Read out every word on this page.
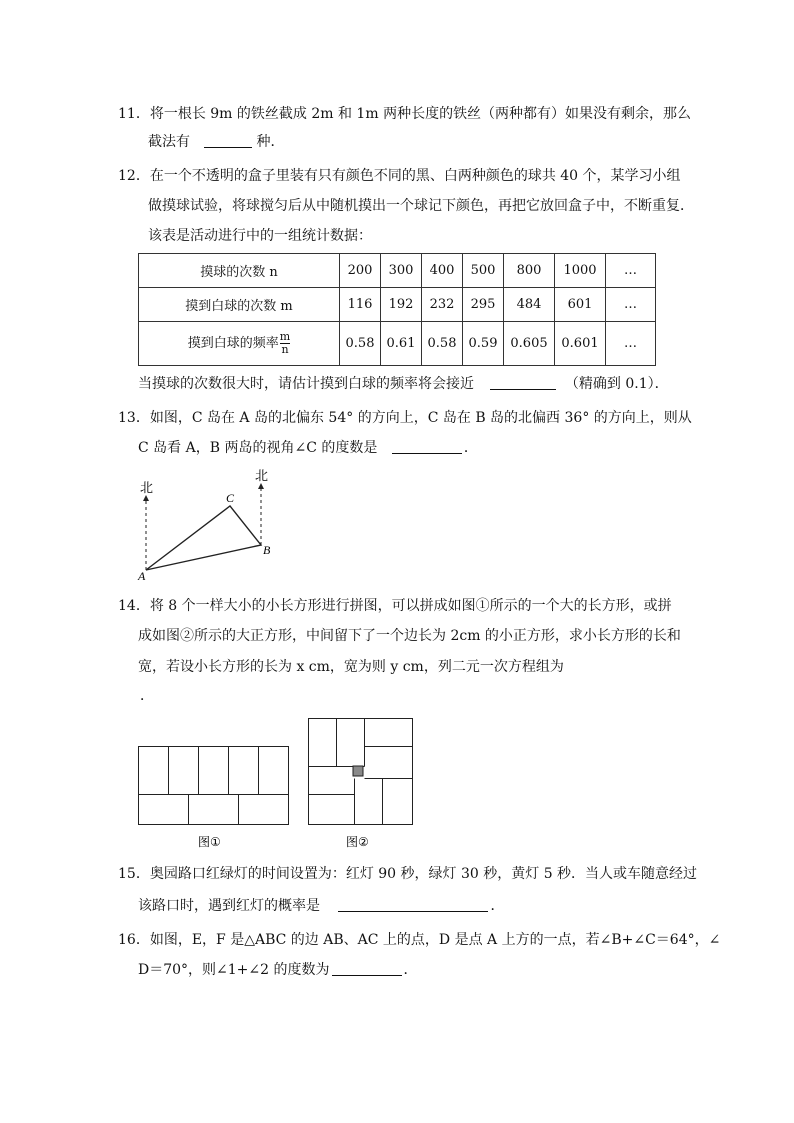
11．将一根长 9m 的铁丝截成 2m 和 1m 两种长度的铁丝（两种都有）如果没有剩余，那么
截法有	种．
12．在一个不透明的盒子里装有只有颜色不同的黑、白两种颜色的球共 40 个，某学习小组
做摸球试验，将球搅匀后从中随机摸出一个球记下颜色，再把它放回盒子中，不断重复．
该表是活动进行中的一组统计数据：
摸球的次数 n	200	300	400	500	800	1000	…
摸到白球的次数 m	116	192	232	295	484	601	…
摸到白球的频率 $\frac{m}{n}$	0.58	0.61	0.58	0.59	0.605	0.601	…
当摸球的次数很大时，请估计摸到白球的频率将会接近	（精确到 0.1）．
13．如图，C 岛在 A 岛的北偏东 54° 的方向上，C 岛在 B 岛的北偏西 36° 的方向上，则从
C 岛看 A，B 两岛的视角∠C 的度数是	．
北
北
A
B
C
14．将 8 个一样大小的小长方形进行拼图，可以拼成如图①所示的一个大的长方形，或拼
成如图②所示的大正方形，中间留下了一个边长为 2cm 的小正方形，求小长方形的长和
宽，若设小长方形的长为 x cm，宽为则 y cm，列二元一次方程组为
．
图①	图②
15．奥园路口红绿灯的时间设置为：红灯 90 秒，绿灯 30 秒，黄灯 5 秒．当人或车随意经过
该路口时，遇到红灯的概率是	．
16．如图，E，F 是△ABC 的边 AB、AC 上的点，D 是点 A 上方的一点，若∠B+∠C＝64°，∠
D＝70°，则∠1+∠2 的度数为	．
